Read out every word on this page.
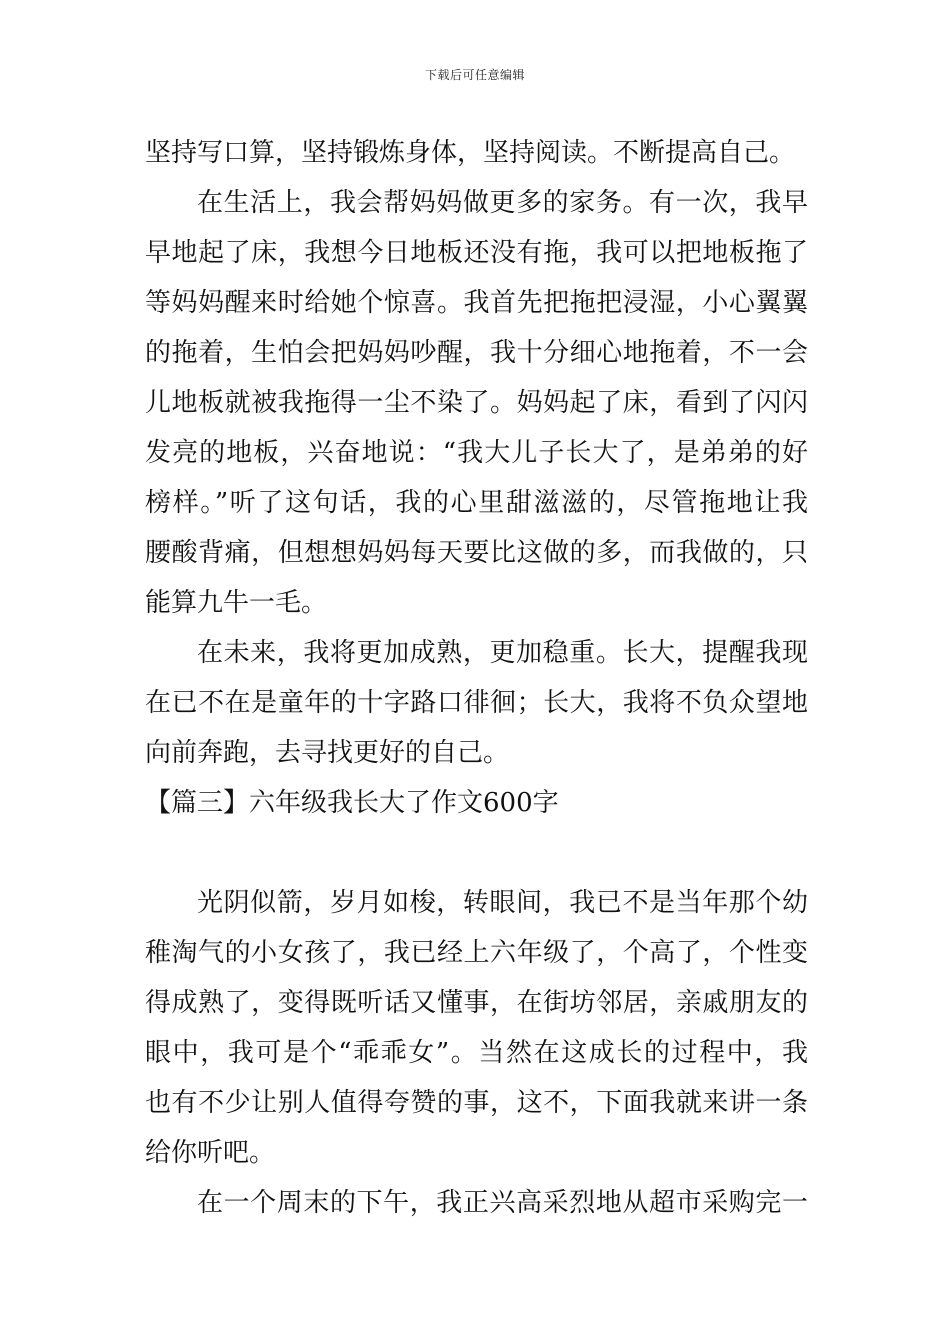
下载后可任意编辑
坚持写口算，坚持锻炼身体，坚持阅读。不断提高自己。
在生活上，我会帮妈妈做更多的家务。有一次，我早
早地起了床，我想今日地板还没有拖，我可以把地板拖了
等妈妈醒来时给她个惊喜。我首先把拖把浸湿，小心翼翼
的拖着，生怕会把妈妈吵醒，我十分细心地拖着，不一会
儿地板就被我拖得一尘不染了。妈妈起了床，看到了闪闪
发亮的地板，兴奋地说：“我大儿子长大了，是弟弟的好
榜样。”听了这句话，我的心里甜滋滋的，尽管拖地让我
腰酸背痛，但想想妈妈每天要比这做的多，而我做的，只
能算九牛一毛。
在未来，我将更加成熟，更加稳重。长大，提醒我现
在已不在是童年的十字路口徘徊；长大，我将不负众望地
向前奔跑，去寻找更好的自己。
【篇三】六年级我长大了作文600字
光阴似箭，岁月如梭，转眼间，我已不是当年那个幼
稚淘气的小女孩了，我已经上六年级了，个高了，个性变
得成熟了，变得既听话又懂事，在街坊邻居，亲戚朋友的
眼中，我可是个“乖乖女”。当然在这成长的过程中，我
也有不少让别人值得夸赞的事，这不，下面我就来讲一条
给你听吧。
在一个周末的下午，我正兴高采烈地从超市采购完一
